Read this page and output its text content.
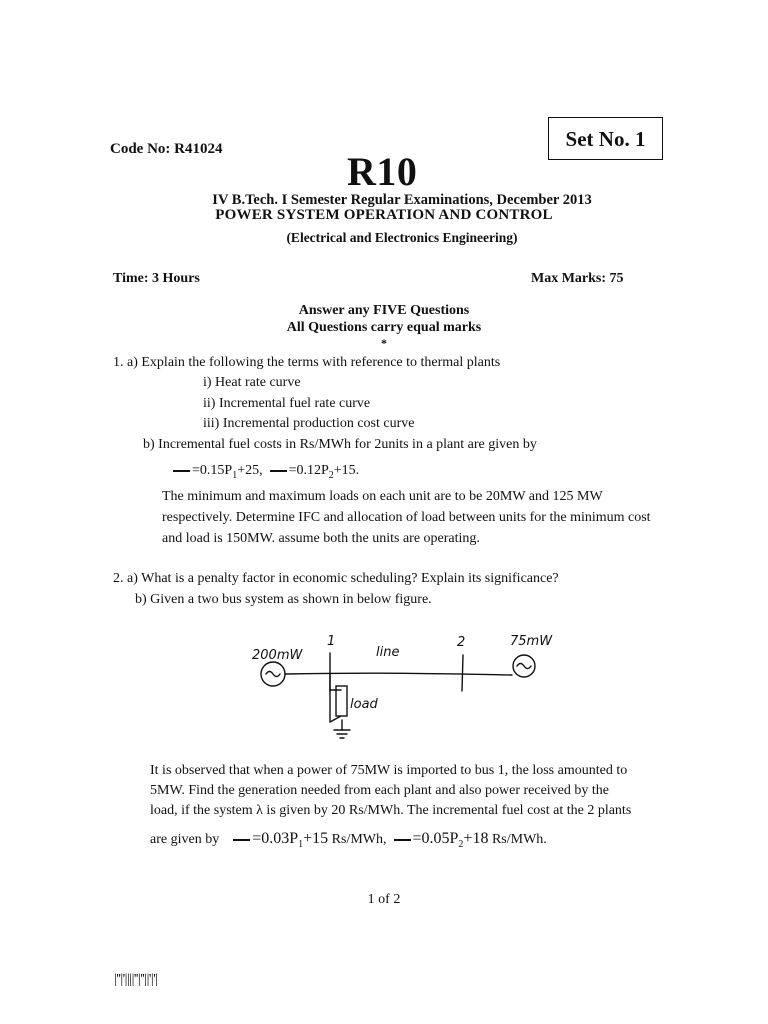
Code No: R41024	R10
Set No. 1
IV B.Tech. I Semester Regular Examinations, December 2013
POWER SYSTEM OPERATION AND CONTROL
(Electrical and Electronics Engineering)
Time: 3 Hours	Max Marks: 75
Answer any FIVE Questions
All Questions carry equal marks
*
1. a) Explain the following the terms with reference to thermal plants
i) Heat rate curve
ii) Incremental fuel rate curve
iii) Incremental production cost curve
b) Incremental fuel costs in Rs/MWh for 2units in a plant are given by
$=0.15P_1+25$, $=0.12P_2+15$.
The minimum and maximum loads on each unit are to be 20MW and 125 MW
respectively. Determine IFC and allocation of load between units for the minimum cost
and load is 150MW. assume both the units are operating.
2. a) What is a penalty factor in economic scheduling? Explain its significance?
b) Given a two bus system as shown in below figure.
200mW	line
2	75mW
1
load
It is observed that when a power of 75MW is imported to bus 1, the loss amounted to
5MW. Find the generation needed from each plant and also power received by the
load, if the system λ is given by 20 Rs/MWh. The incremental fuel cost at the 2 plants
are given by $=0.03P_1+15$ Rs/MWh, $=0.05P_2+18$ Rs/MWh.
1 of 2
|''|'||||''|''||'|'|
